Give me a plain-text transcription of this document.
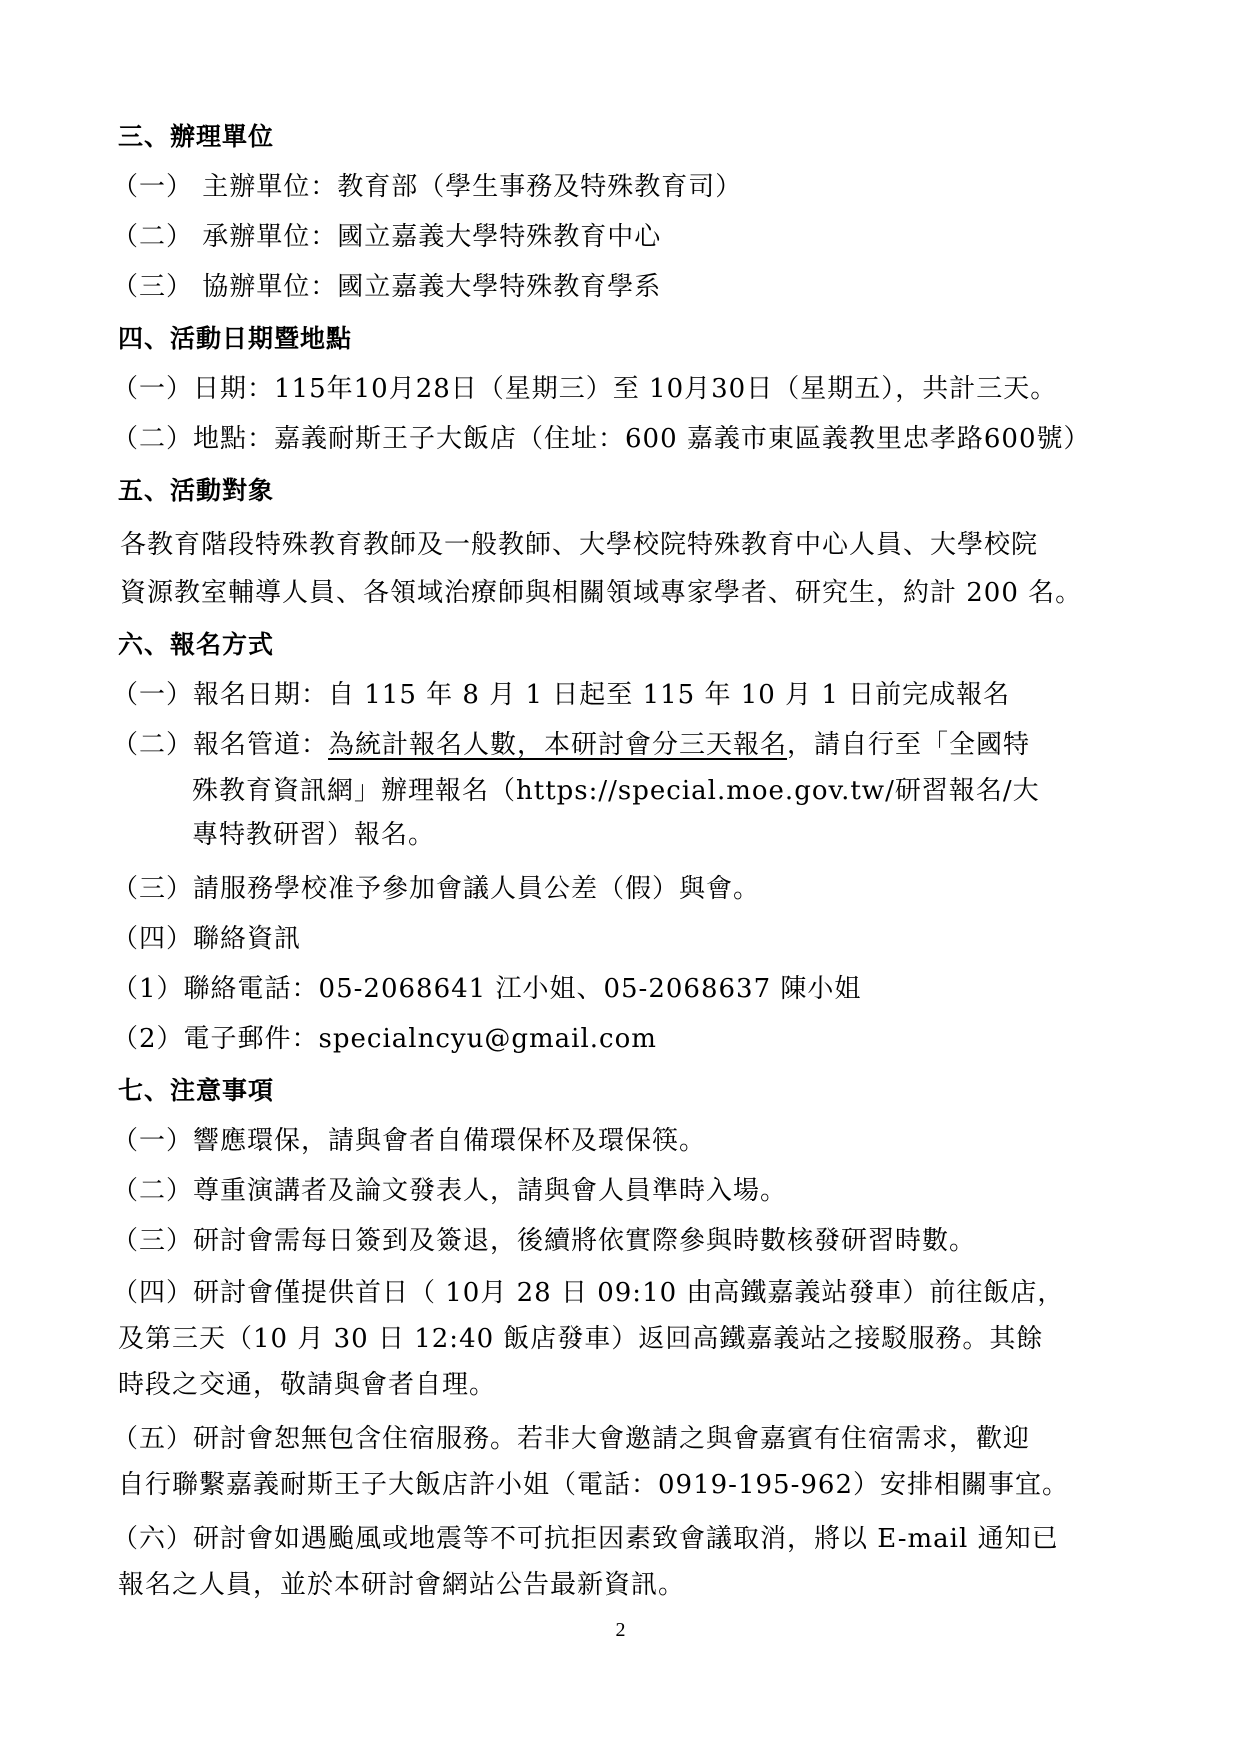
三、辦理單位
（一） 主辦單位：教育部（學生事務及特殊教育司）
（二） 承辦單位：國立嘉義大學特殊教育中心
（三） 協辦單位：國立嘉義大學特殊教育學系
四、活動日期暨地點
（一）日期：115年10月28日（星期三）至 10月30日（星期五），共計三天。
（二）地點：嘉義耐斯王子大飯店（住址：600 嘉義市東區義教里忠孝路600號）
五、活動對象
各教育階段特殊教育教師及一般教師、大學校院特殊教育中心人員、大學校院
資源教室輔導人員、各領域治療師與相關領域專家學者、研究生，約計 200 名。
六、報名方式
（一）報名日期：自 115 年 8 月 1 日起至 115 年 10 月 1 日前完成報名
（二）報名管道：為統計報名人數，本研討會分三天報名，請自行至「全國特
殊教育資訊網」辦理報名（https://special.moe.gov.tw/研習報名/大
專特教研習）報名。
（三）請服務學校准予參加會議人員公差（假）與會。
（四）聯絡資訊
（1）聯絡電話：05-2068641 江小姐、05-2068637 陳小姐
（2）電子郵件：specialncyu@gmail.com
七、注意事項
（一）響應環保，請與會者自備環保杯及環保筷。
（二）尊重演講者及論文發表人，請與會人員準時入場。
（三）研討會需每日簽到及簽退，後續將依實際參與時數核發研習時數。
（四）研討會僅提供首日（ 10月 28 日 09:10 由高鐵嘉義站發車）前往飯店，
及第三天（10 月 30 日 12:40 飯店發車）返回高鐵嘉義站之接駁服務。其餘
時段之交通，敬請與會者自理。
（五）研討會恕無包含住宿服務。若非大會邀請之與會嘉賓有住宿需求，歡迎
自行聯繫嘉義耐斯王子大飯店許小姐（電話：0919-195-962）安排相關事宜。
（六）研討會如遇颱風或地震等不可抗拒因素致會議取消，將以 E-mail 通知已
報名之人員，並於本研討會網站公告最新資訊。
2
